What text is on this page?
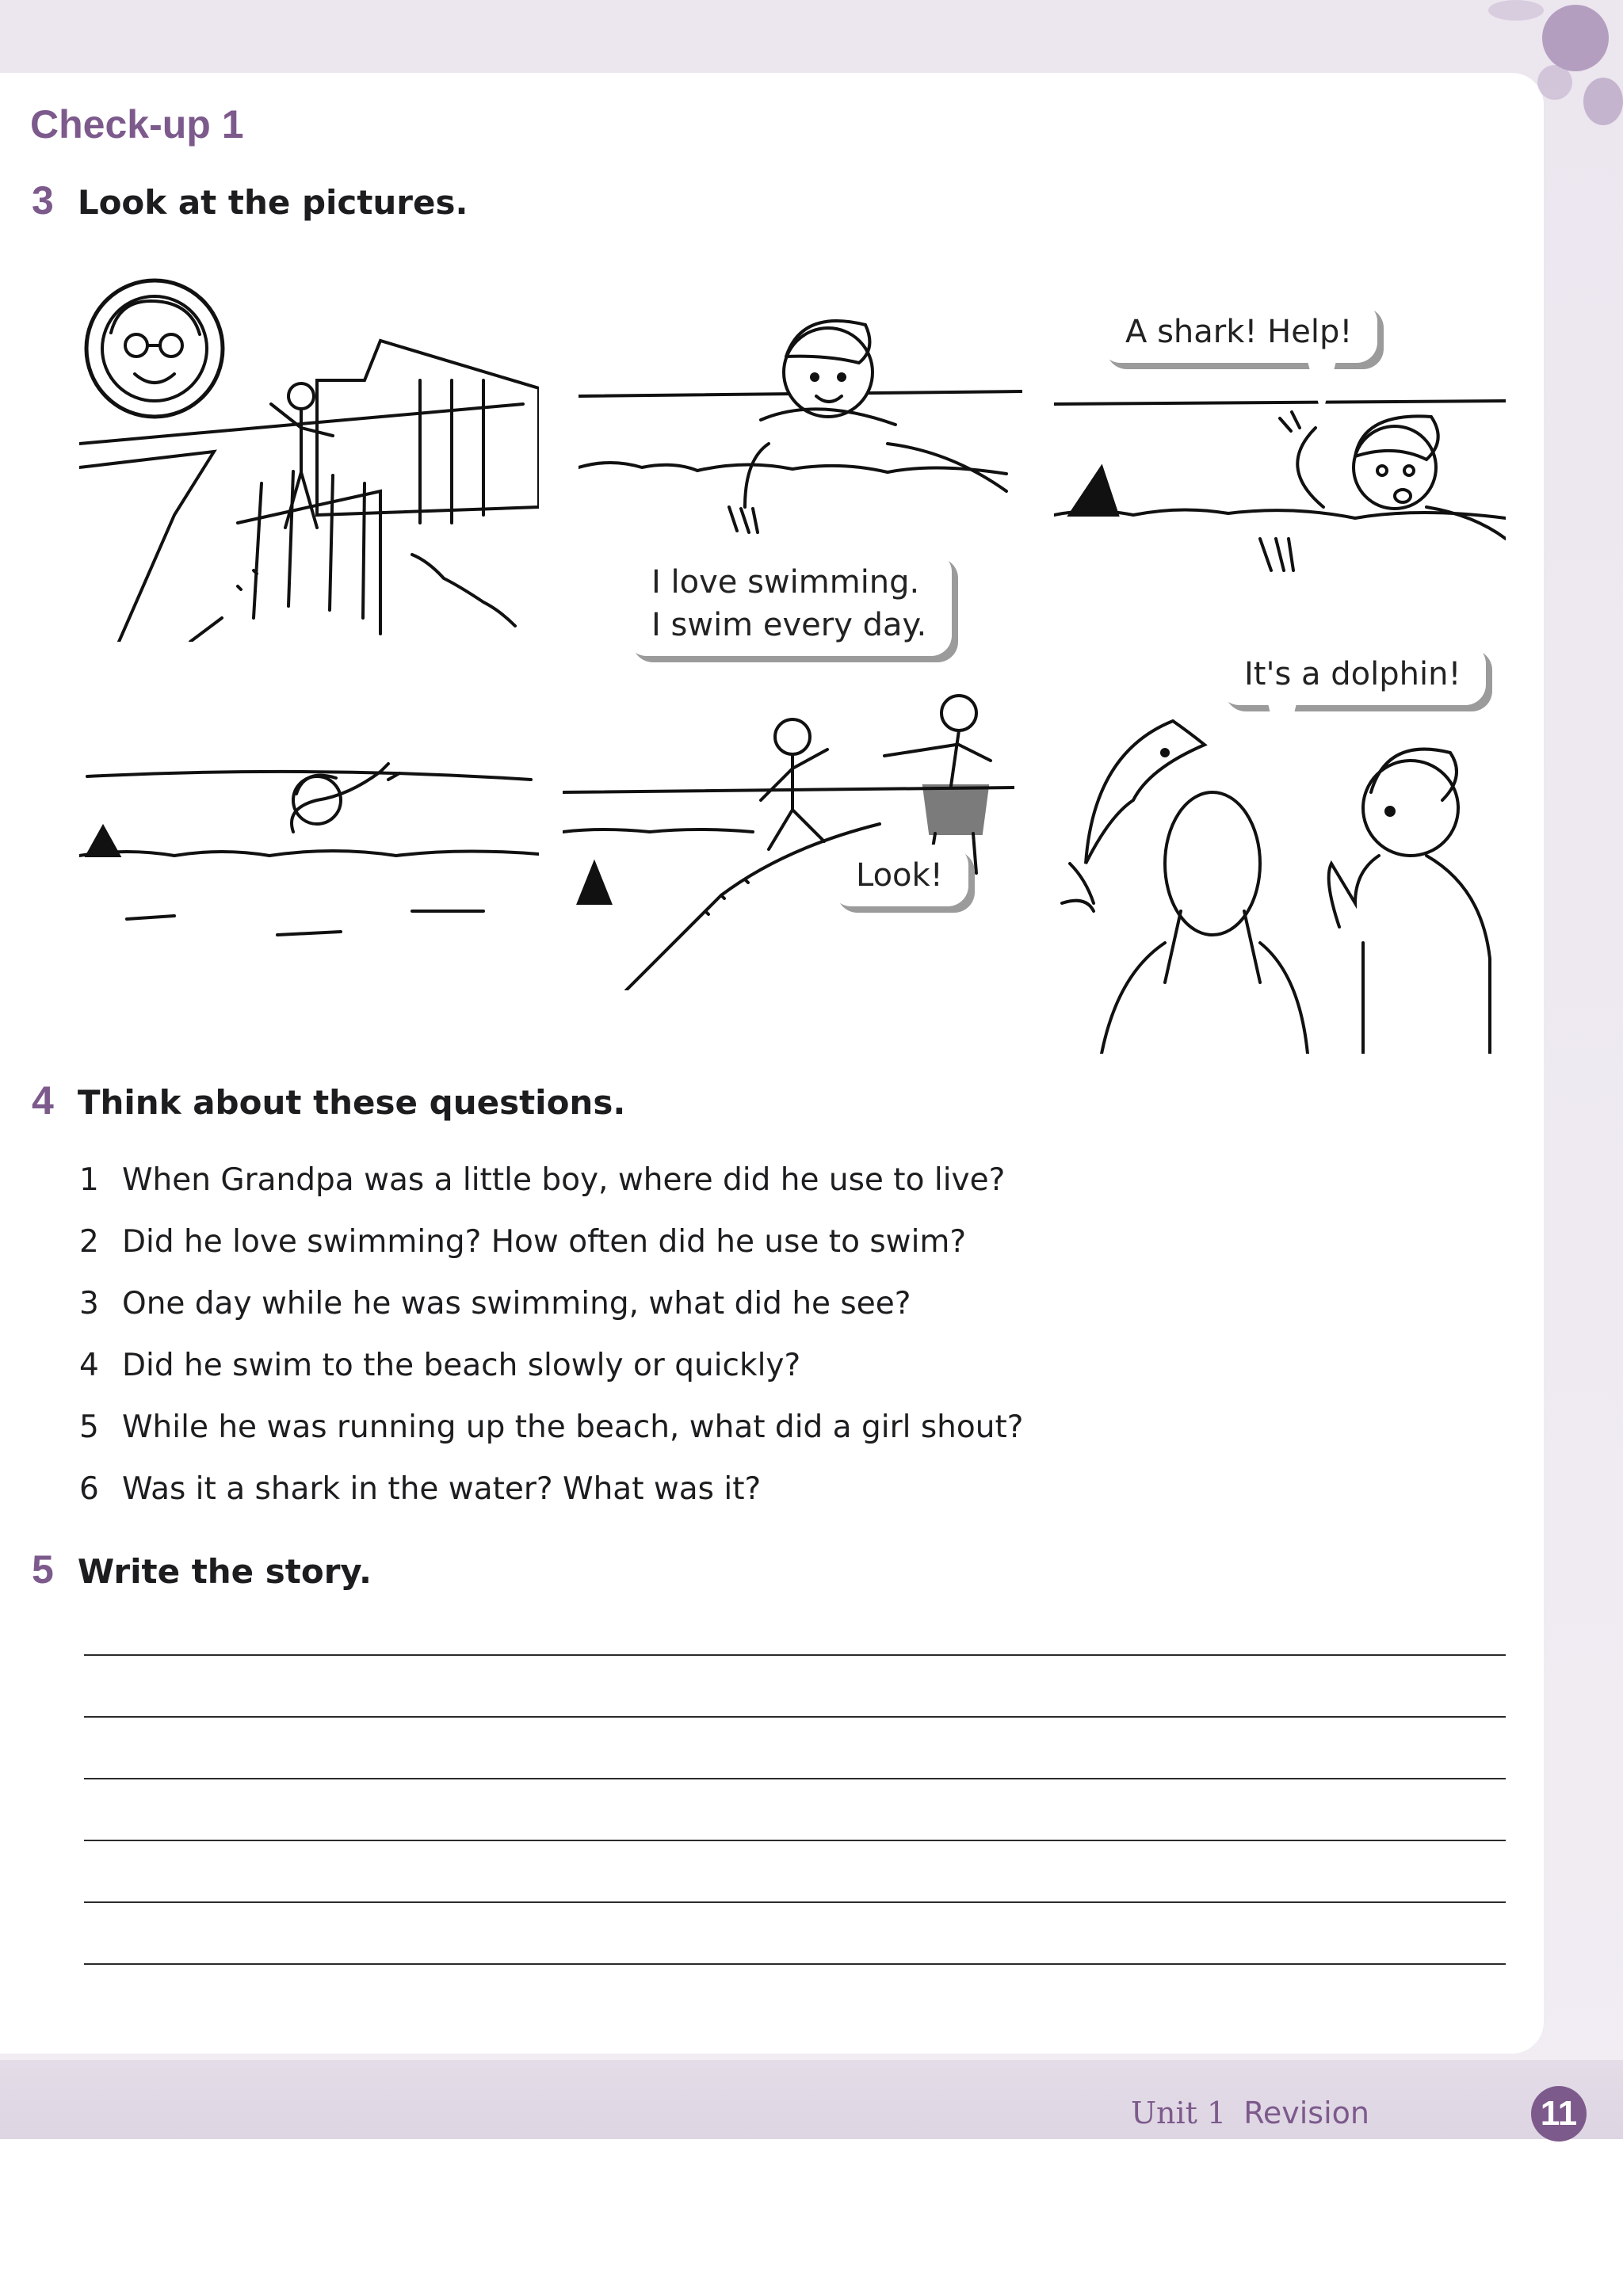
Check-up 1
3 Look at the pictures.
I love swimming.
I swim every day.
A shark! Help!
Look!
It's a dolphin!
4 Think about these questions.
1 When Grandpa was a little boy, where did he use to live?
2 Did he love swimming? How often did he use to swim?
3 One day while he was swimming, what did he see?
4 Did he swim to the beach slowly or quickly?
5 While he was running up the beach, what did a girl shout?
6 Was it a shark in the water? What was it?
5 Write the story.
Unit 1 Revision	11
